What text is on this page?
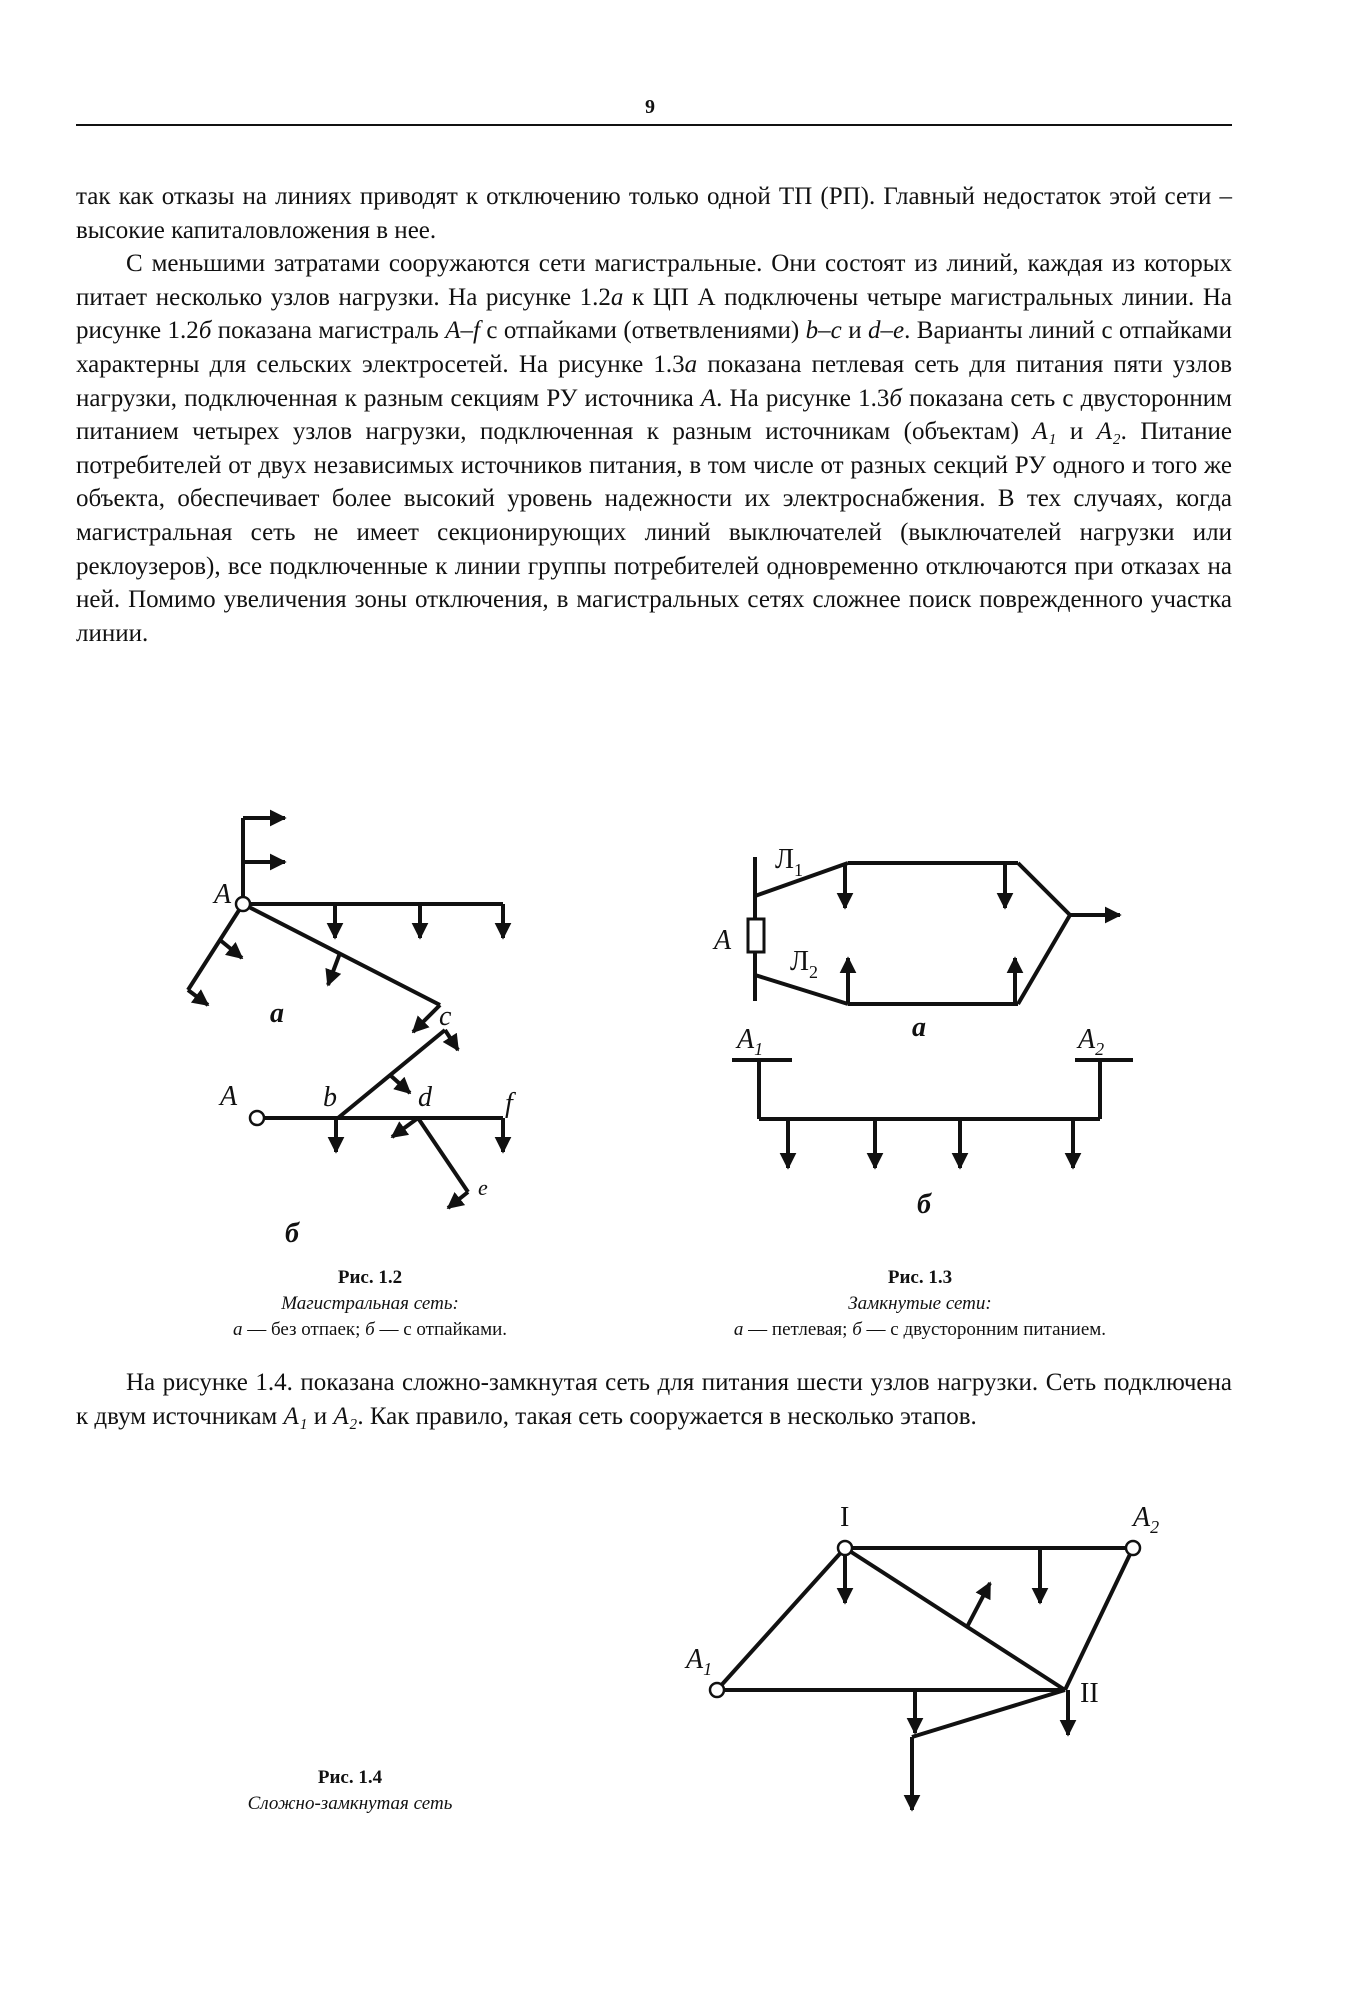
9

так как отказы на линиях приводят к отключению только одной ТП (РП). Главный недостаток этой сети – высокие капиталовложения в нее.

С меньшими затратами сооружаются сети магистральные. Они состоят из линий, каждая из которых питает несколько узлов нагрузки. На рисунке 1.2а к ЦП А подключены четыре магистральных линии. На рисунке 1.2б показана магистраль A–f с отпайками (ответвлениями) b–c и d–e. Варианты линий с отпайками характерны для сельских электросетей. На рисунке 1.3а показана петлевая сеть для питания пяти узлов нагрузки, подключенная к разным секциям РУ источника А. На рисунке 1.3б показана сеть с двусторонним питанием четырех узлов нагрузки, подключенная к разным источникам (объектам) A₁ и A₂. Питание потребителей от двух независимых источников питания, в том числе от разных секций РУ одного и того же объекта, обеспечивает более высокий уровень надежности их электроснабжения. В тех случаях, когда магистральная сеть не имеет секционирующих линий выключателей (выключателей нагрузки или реклоузеров), все подключенные к линии группы потребителей одновременно отключаются при отказах на ней. Помимо увеличения зоны отключения, в магистральных сетях сложнее поиск поврежденного участка линии.

На рисунке 1.4. показана сложно-замкнутая сеть для питания шести узлов нагрузки. Сеть подключена к двум источникам A₁ и A₂. Как правило, такая сеть сооружается в несколько этапов.

A
а	c
A	b	d	f
e
б
$Л_1$
А
$Л_2$
а
$A_1$	$A_2$
б
I	$A_2$
$A_1$
II
Рис. 1.2
Магистральная сеть:
а — без отпаек; б — с отпайками.
Рис. 1.3
Замкнутые сети:
а — петлевая; б — с двусторонним питанием.
Рис. 1.4
Сложно-замкнутая сеть
